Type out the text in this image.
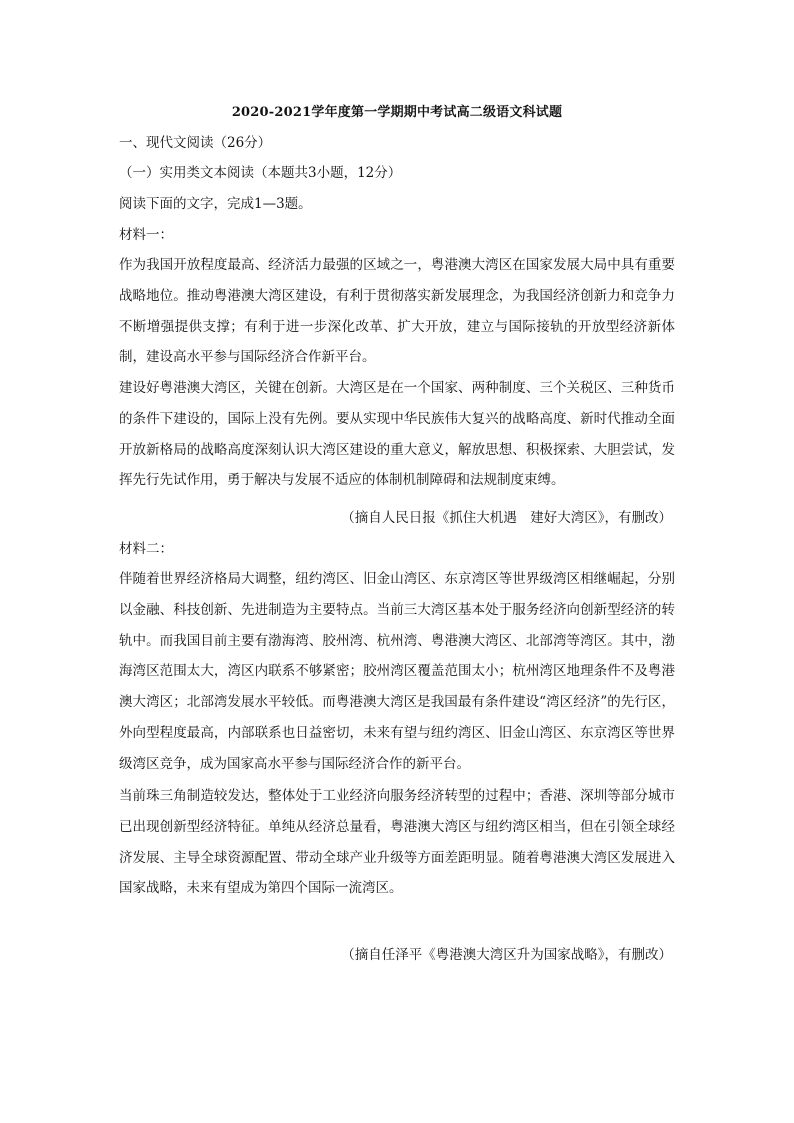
2020-2021学年度第一学期期中考试高二级语文科试题
一、现代文阅读（26分）
（一）实用类文本阅读（本题共3小题，12分）
阅读下面的文字，完成1—3题。
材料一：
作为我国开放程度最高、经济活力最强的区域之一，粤港澳大湾区在国家发展大局中具有重要战略地位。推动粤港澳大湾区建设，有利于贯彻落实新发展理念，为我国经济创新力和竞争力不断增强提供支撑；有利于进一步深化改革、扩大开放，建立与国际接轨的开放型经济新体制，建设高水平参与国际经济合作新平台。
建设好粤港澳大湾区，关键在创新。大湾区是在一个国家、两种制度、三个关税区、三种货币的条件下建设的，国际上没有先例。要从实现中华民族伟大复兴的战略高度、新时代推动全面开放新格局的战略高度深刻认识大湾区建设的重大意义，解放思想、积极探索、大胆尝试，发挥先行先试作用，勇于解决与发展不适应的体制机制障碍和法规制度束缚。
（摘自人民日报《抓住大机遇　建好大湾区》，有删改）
材料二：
伴随着世界经济格局大调整，纽约湾区、旧金山湾区、东京湾区等世界级湾区相继崛起，分别以金融、科技创新、先进制造为主要特点。当前三大湾区基本处于服务经济向创新型经济的转轨中。而我国目前主要有渤海湾、胶州湾、杭州湾、粤港澳大湾区、北部湾等湾区。其中，渤海湾区范围太大，湾区内联系不够紧密；胶州湾区覆盖范围太小；杭州湾区地理条件不及粤港澳大湾区；北部湾发展水平较低。而粤港澳大湾区是我国最有条件建设“湾区经济”的先行区，外向型程度最高，内部联系也日益密切，未来有望与纽约湾区、旧金山湾区、东京湾区等世界级湾区竞争，成为国家高水平参与国际经济合作的新平台。
当前珠三角制造较发达，整体处于工业经济向服务经济转型的过程中；香港、深圳等部分城市已出现创新型经济特征。单纯从经济总量看，粤港澳大湾区与纽约湾区相当，但在引领全球经济发展、主导全球资源配置、带动全球产业升级等方面差距明显。随着粤港澳大湾区发展进入国家战略，未来有望成为第四个国际一流湾区。
（摘自任泽平《粤港澳大湾区升为国家战略》，有删改）
